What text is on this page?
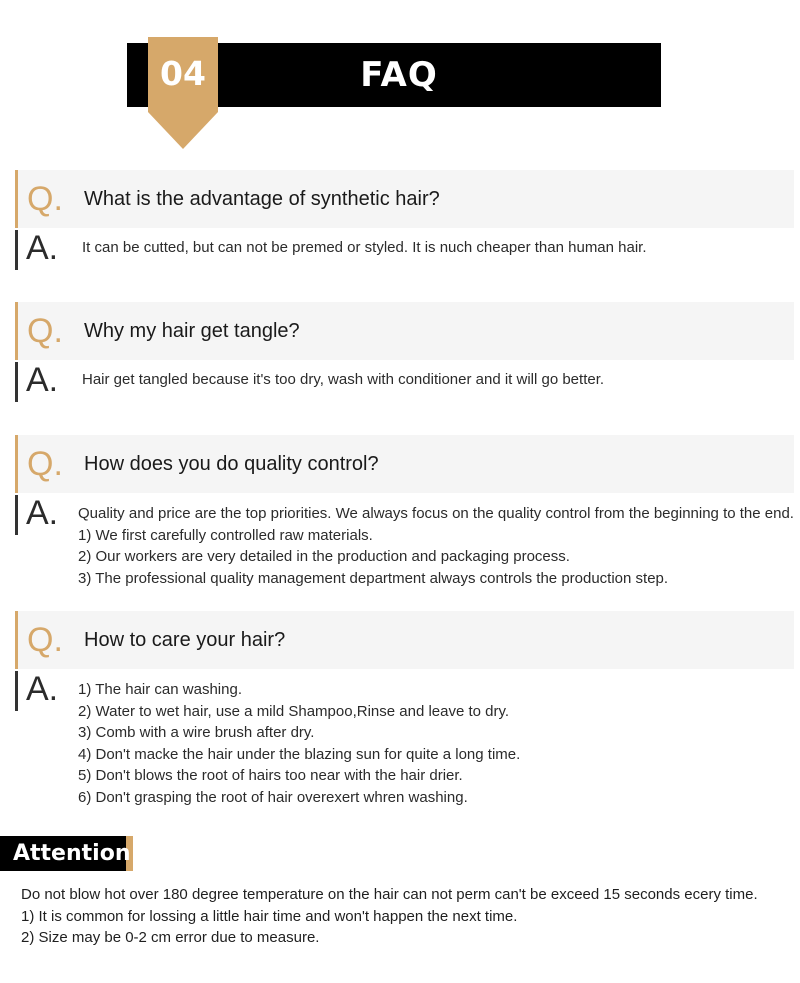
FAQ
04
Q. What is the advantage of synthetic hair?
A. It can be cutted, but can not be premed or styled. It is nuch cheaper than human hair.
Q. Why my hair get tangle?
A. Hair get tangled because it's too dry, wash with conditioner and it will go better.
Q. How does you do quality control?
A. Quality and price are the top priorities. We always focus on the quality control from the beginning to the end.
1) We first carefully controlled raw materials.
2) Our workers are very detailed in the production and packaging process.
3) The professional quality management department always controls the production step.
Q. How to care your hair?
A. 1) The hair can washing.
2) Water to wet hair, use a mild Shampoo,Rinse and leave to dry.
3) Comb with a wire brush after dry.
4) Don't macke the hair under the blazing sun for quite a long time.
5) Don't blows the root of hairs too near with the hair drier.
6) Don't grasping the root of hair overexert whren washing.
Attention
Do not blow hot over 180 degree temperature on the hair can not perm can't be exceed 15 seconds ecery time.
1) It is common for lossing a little hair time and won't happen the next time.
2) Size may be 0-2 cm error due to measure.
